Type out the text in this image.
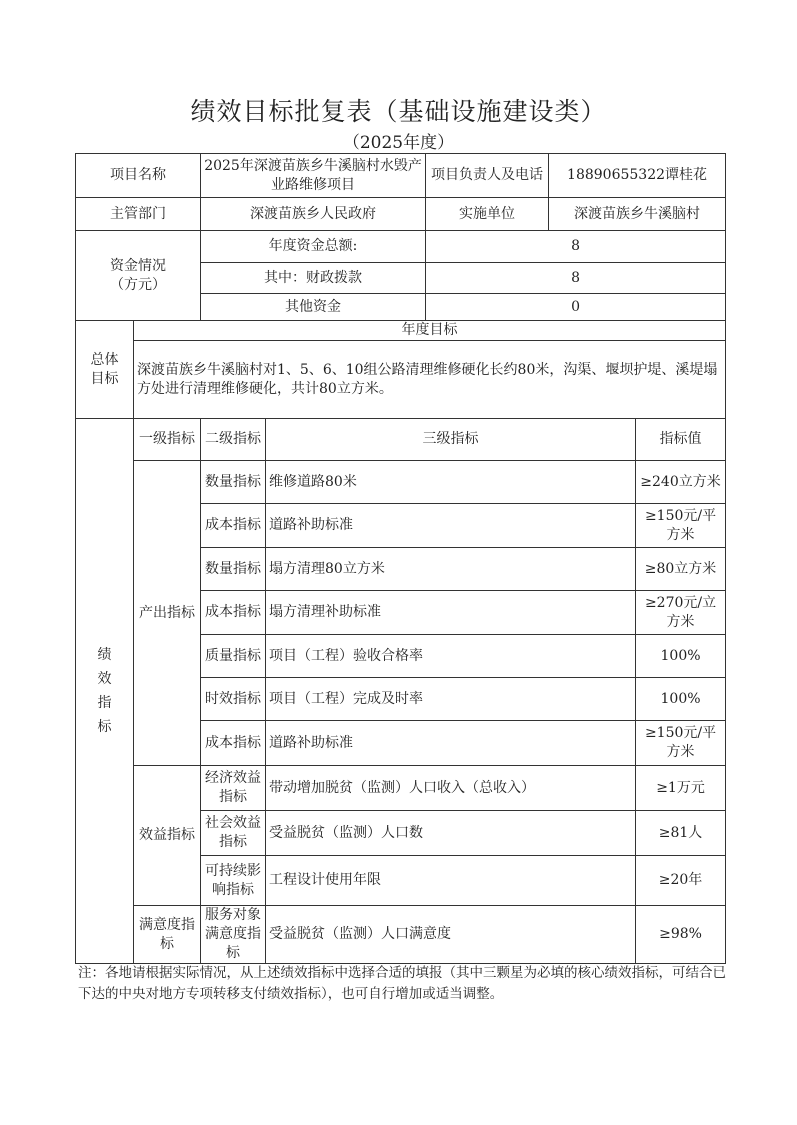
绩效目标批复表（基础设施建设类）
（2025年度）
项目名称		2025年深渡苗族乡牛溪脑村水毁产业路维修项目		项目负责人及电话	18890655322谭桂花	
主管部门		深渡苗族乡人民政府		实施单位	深渡苗族乡牛溪脑村	
资金情况（方元）		年度资金总额:		8		
		其中：财政拨款		8		
		其他资金		0		
总体目标	年度目标					
	深渡苗族乡牛溪脑村对1、5、6、10组公路清理维修硬化长约80米，沟渠、堰坝护堤、溪堤塌方处进行清理维修硬化，共计80立方米。					
绩效指标	一级指标	二级指标	三级指标			指标值
	产出指标	数量指标	维修道路80米			≥240立方米
		成本指标	道路补助标准			≥150元/平方米
		数量指标	塌方清理80立方米			≥80立方米
		成本指标	塌方清理补助标准			≥270元/立方米
		质量指标	项目（工程）验收合格率			100%
		时效指标	项目（工程）完成及时率			100%
		成本指标	道路补助标准			≥150元/平方米
	效益指标	经济效益指标	带动增加脱贫（监测）人口收入（总收入）			≥1万元
		社会效益指标	受益脱贫（监测）人口数			≥81人
		可持续影响指标	工程设计使用年限			≥20年
	满意度指标	服务对象满意度指标	受益脱贫（监测）人口满意度			≥98%
注：各地请根据实际情况，从上述绩效指标中选择合适的填报（其中三颗星为必填的核心绩效指标，可结合已下达的中央对地方专项转移支付绩效指标），也可自行增加或适当调整。
